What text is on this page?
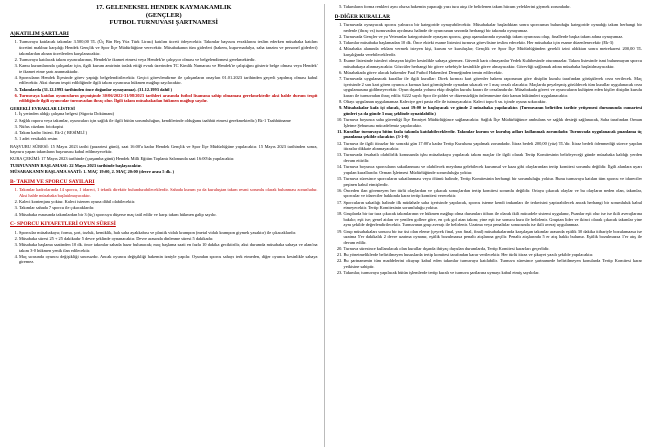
17. GELENEKSEL HENDEK KAYMAKAMLIK

(GENÇLER)

FUTBOL TURNUVASI ŞARTNAMESİ

A)KATILIM ŞARTLARI
1. Turnuvaya katılacak takımlar 3.500,00 TL (Üç Bin Beş Yüz Türk Lirası) katılım ücreti ödeyecektir. Takımlar başvuru evraklarını teslim ederken müsabaka katılım ücretini makbuz karşılığı Hendek Gençlik ve Spor İlçe Müdürlüğüne verecektir. Müsabakanın tüm giderleri (hakem, kupa-madalya, saha tanzim ve personel giderleri) takımlardan alınan ücretlerden karşılanacaktır.
2. Turnuvaya katılacak takım oyuncularının, Hendek'te ikamet etmesi veya Hendek'te çalışıyor olması ve belgelendirmesi gerekmektedir.
3. Kamu kurumlarında çalışanlar için, ilgili kurum amirinin taslak ettiği evrak üzerinden TC Kimlik Numarası ve Hendek'te çalıştığını gösterir belge olması veya Hendek' te ikamet etme şartı aranmaktadır.
4. Sporcuların Hendek İlçesinde görev yaptığı belgelendirilecektir. Geçici görevlendirme ile çalışanların onayları 01.01.2023 tarihinden geçerli yapılmış olması kabul edilecektir. Aksi durum tespit edildiğinde ilgili takım oyuncusu hükmen mağlup sayılacaktır.
5. Takımlarda (31.12.1993 tarihinden önce doğanlar oynayamaz). (31.12.1993 dahil )
6. Turnuvaya katılan oyuncuların geçmişinde 30/06/2022-31/08/2023 tarihleri arasında futbol lisansına sahip olmaması gerekmektedir aksi halde durum tespit edildiğinde ilgili oyuncular turnuvadan ihraç olur. İlgili takım müsabakadan hükmen mağlup sayılır.
GEREKLİ EVRAKLAR LİSTESİ
1. İş yerinden aldığı çalışma belgesi (Sigorta Dokümanı)
2. Sağlık raporu veya takımlar, oyuncuları için sağlık ile ilgili bütün sorumluluğun, kendilerinde olduğunu taahhüt etmesi gerekmektedir.) Ek-1 Taahhütname
3. Nüfus cüzdanı fotokopisi
4. Takım kadro listesi. Ek-2 ( RESİMLİ )
5. 1 adet vesikalık resim

BAŞVURU SÜRESİ: 15 Mayıs 2023 tarihi (pazartesi günü), saat 16:00'a kadar Hendek Gençlik ve Spor İlçe Müdürlüğüne yapılacaktır. 15 Mayıs 2023 tarihinden sonra, başvuru yapan takımların başvurusu kabul edilmeyecektir.

KURA ÇEKİMİ: 17 Mayıs 2023 tarihinde (çarşamba günü) Hendek Milli Eğitim Toplantı Salonunda saat 16:00'da yapılacaktır.

TURNUVANIN BAŞLAMASI: 22 Mayıs 2023 tarihinde başlayacaktır.

MÜSABAKANIN BAŞLAMA SAATİ: 1. MAÇ 19:00, 2. MAÇ 20:00 (devre arası 5 dk. )

B- TAKIM VE SPORCU SAYILARI
1. Takımlar kadrolarında 14 sporcu, 1 idareci, 1 teknik direktör bulundurabileceklerdir. Sahada kurum ya da kuruluştan takım resmi sorumlu olarak bulunması zorunludur. Aksi halde müsabaka başlatılmayacaktır.
2. Kaleci kontenjanı yoktur. Kaleci istenen oyuna dâhil olabilecektir.
3. Takımlar sahada 7 sporcu ile çıkacaklardır.
4. Müsabaka esnasında takımlardan bir 3 (üç) sporcuya düşerse maç tatil edilir ve karşı takım hükmen galip sayılır.
C- SPORCU KIYAFETLERİ OYUN SÜRESİ
1. Sporcular müsabakaya; forma, şort, tozluk, kemiklik, halı saha ayakkabısı ve plastik vidalı krampon (metal vidalı krampon giymek yasaktır) ile çıkacaklardır.
2. Müsabaka süresi 25 + 25 dakikadır 5 devre şeklinde oynanacaktır. Devre arasında dinlenme süresi 5 dakikadır.
3. Müsabaka başlama saatinden 10 dk. önce takımlar sahada hazır bulunacak; maç başlama saati en fazla 10 dakika geciktirilir, aksi durumda müsabaka sahaya ve alanı'na takım 3-0 hükmen yenik ilan edilecektir.
4. Maç sırasında oyuncu değişikliği sınırsızdır. Ancak oyuncu değişikliği hakemin izniyle yapılır. Oyundan sporcu sahayı terk etmeden, diğer oyuncu kesinlikle sahaya giremez.
5. Takımların forma renkleri aynı olursa hakemin yapacağı yazı tura atışı ile belirlenen takım hücum yeleklerini giymek zorundadır.
D-DİĞER KURALLAR
1. Turnuvada oynayacak sporcu yalnızca bir kategoride oynayabilecektir. Müsabakalar başladıktan sonra sporcunun bulunduğu kategoride oynadığı takım herhangi bir nedenle (ihraç vs) turnuvadan ayrılması halinde de oyuncunun sezonda herhangi bir takımda oynayamaz.
2. Turnuvada Gençler ve ya Veteranlar kategorisinde oynayan sporcu, grup aşamalarında oynadığı takım oyuncusu olup, finallerde başka takım adına oynayamaz.
3. Takımlar müsabaka başlamadan 10 dk. Önce ekteki esame listesini turnuva görevlisine teslim edecektir. Her müsabaka için esame düzenlenecektir (Ek-3)
4. Müsabaka alanında reklam vermek isteyen kişi, kurum ve kuruluşlar; Gençlik ve Spor İlçe Müdürlüğünden gerekli izini aldıktan sonra metrekaresi 200,00 TL karşılığında verebileceklerdir.
5. Esame listesinde isimleri olmayan kişiler kesinlikle sahaya giremez. Güvenli kartı olmayanlar Yedek Kulübesinde oturamazlar. Takım listesinde ismi bulunmayan sporcu müsabakaya alınmayacaktır. Gözcüler herhangi bir görev sebebiyle kesinlikle görev almayacaktır. Görevliği sağlamak adına müsabaka başlatılmayacaktır.
6. Müsabakada görev alacak hakemler Faal Futbol Hakemleri Derneğinden temin edilecektir.
7. Turnuvada uygulanacak kurallar ile ilgili kurallar: Direk kırmızı kart görenler hakem raporunun göre disiplin kurulu tarafından görüşülerek ceza verilecek. Maç içerisinde 2 sarı kart gören oyuncu a kırmızı kart görmüşlerde oynadan sıkacak ve 1 maç cezalı olacaktır. Maçlarda peyzleşmiş görüldecek tüm kurallar uygulanacak ceza uygulamasına gidilmeyecektir. Oyun dışında yolunu ekip disiplin kurulu kararı ile cezalandırılır. Müsabakada görevi ve oyuncuların kulüpten eden kişiler disiplin kurulu kararı ile turnuvadan ihraç edilir. 6222 sayılı Spor ile şiddet ve düzensizliğin önlenmesine dair kanun hükümleri uygulanacaktır.
8. Oltayı uygulanan uygulanamaz Kaleciye geri pasta elle ile tutmayacaktır. Kaleci topu 6 sn. içinde oyuna sokacaktır.
9. Müsabakalar kafa içi olacak, saat 19:00 te başlayacak ve günde 2 müsabaka yapılacaktır. (Turnuvanın belirtilen tarihte yetişemesi durumunda cumartesi günleri ya da günde 3 maç şeklinde oynatılabilir.)
10. Turnuva boyunca saha güvenliği İlçe Emniyet Müdürlüğünce sağlanacaktır. Sağlık İlçe Müdürlüğünce ambulans ve sağlık desteği sağlanacak, Saha tarafından Orman İşletme Şebunusu mücadelemiz yapılacaktır.
11. Kurallar turnuvaya bitim fazla takımla katılabileceklerdir. Takımlar kurum ve kuruluş adları kullanmak zorundadır. Turnuvada uygulanacak puanlama üç puanlama şekilde olacaktır. (3-1-0)
12. Turnuva ile ilgili itirazlar bir sonraki gün 17:00'a kadar Tertip Kurulunu yapılmak zorundadır. İtiraz bedeli 200,00 (yüz) TL'dir. İtiraz bedeli ödenmediği sürece yapılan itirazlar dikkate alınmayacaktır.
13. Turnuvada fesahatlı olabilirlik konusunda işbu müsabakaya yapılacak takım maçlar ile ilgili olarak Tertip Komitesinin belirleyeceği günde müsabaka kaldığı yerden devam ettirilir.
14. Turnuva boyunca sporcuların sakatlanması ve olabilecek meydana gelebilecek kurumsal ve kaza gibi olaylarından tertip komitesi sorumlu değildir. İlgili alanlara uyarı yapılan kurallarıdır. Orman İşletmesi Müdürlüğünde sorumluluğu yoktur.
15. Turnuva süresince sporcuların sakatlanması veya ölümü halinde, Tertip Komitesinin herhangi bir sorumluluğu yoktur. Bunu turnuvaya katılan tüm sporcu ve idareciler peşinen kabul etmişlerdir.
16. Önceden ilan göremeyen her türlü olaylardan ve çıkacak sonuçlardan tertip komitesi sorumlu değildir. Ortaya çıkacak olaylar ve bu olayların neden olan, takımlar, sporcular ve idareciler hakkında karar tertip komitesi verecektir.
17. Sporcuların sakatlığı halinde ilk müdahale saha içerisinde yapılacak, sporcu isteme kendi imkanları ile tedavisini yaptırabilecek ancak herhangi bir sorumluluk kabul etmeyecektir. Tertip Komitesinin sorumluluğu yoktur.
18. Gruplarda bir tur tura çıkacak takımlarının ve hükmen mağlup olma durumları itibarı ile olarak ikili mücadele sistemi uygulanır, Puanlar eşit olur ise ise ikili averajlarına bakılır; eşit ise; genel atılan ve yenilen gollere göre, en çok gol atan takım; yine eşit ise sonucu kura ile belirlenir. Gruptan lider ve ikinci olarak çıkacak takımlar yine aynı şekilde değerlendirilecektir. Turnuvanın grup averajı ile belirlenir. Uzatma veya penaltılar sonucunda ise ikili averaj uygulanmaz.
19. Grup müsabakaları sonucu bir tur üst olan eleme (çeyrek final, yarı final, final) müsabakalarında karşılaşan takımlar arasında eşitlik 30 dakika itibariyle bozulamazsa ise uzatma 5'er dakikalık 2 devre uzatma oynanır, eşitlik bozulmazsa penaltı atışlarına geçilir. Penaltı atışlarında 5 er atış hakkı bulunur. Eşitlik bozulmazsa 1'er atış ile devam edilir.
20. Turnuva süresince kullanılacak olan kurallar dışında ihtiyaç duyulan durumlarda, Tertip Komitesi kararları geçerlidir.
21. Bu yönetmeliklerde belirtilmeyen hususlarda tertip komitesi tarafından karar verilecektir. Her türlü itiraz ve şikayet yazılı şekilde yapılacaktır.
22. Bu şartnamenin tüm maddelerini okuyup kabul eden takımlar turnuvaya katılabilir. Turnuva süresince şartnamede belirtilmeyen konularda Tertip Komitesi karar yetkisine sahiptir.
23. Takımlar, turnuvaya yapılacak bütün işlemlerde tertip kuralı ve turnuva şartlarına uymayı kabul etmiş sayılırlar.
